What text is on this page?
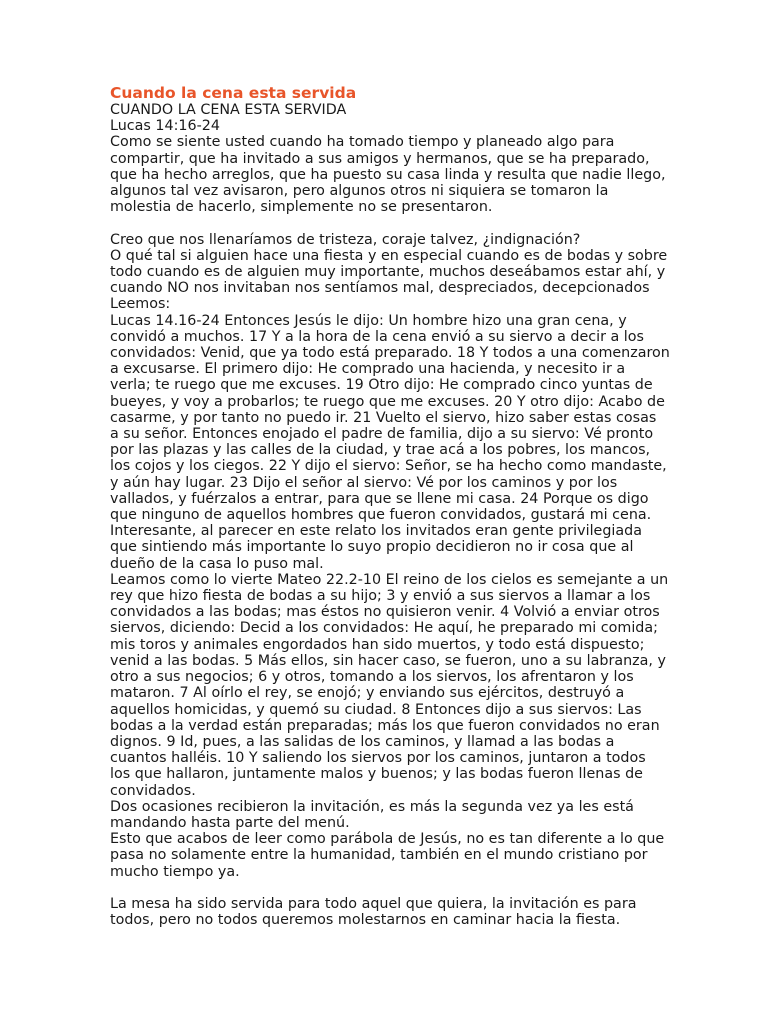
Cuando la cena esta servida
CUANDO LA CENA ESTA SERVIDA
Lucas 14:16-24
Como se siente usted cuando ha tomado tiempo y planeado algo para
compartir, que ha invitado a sus amigos y hermanos, que se ha preparado,
que ha hecho arreglos, que ha puesto su casa linda y resulta que nadie llego,
algunos tal vez avisaron, pero algunos otros ni siquiera se tomaron la
molestia de hacerlo, simplemente no se presentaron.
Creo que nos llenaríamos de tristeza, coraje talvez, ¿indignación?
O qué tal si alguien hace una fiesta y en especial cuando es de bodas y sobre
todo cuando es de alguien muy importante, muchos deseábamos estar ahí, y
cuando NO nos invitaban nos sentíamos mal, despreciados, decepcionados
Leemos:
Lucas 14.16-24 Entonces Jesús le dijo: Un hombre hizo una gran cena, y
convidó a muchos. 17 Y a la hora de la cena envió a su siervo a decir a los
convidados: Venid, que ya todo está preparado. 18 Y todos a una comenzaron
a excusarse. El primero dijo: He comprado una hacienda, y necesito ir a
verla; te ruego que me excuses. 19 Otro dijo: He comprado cinco yuntas de
bueyes, y voy a probarlos; te ruego que me excuses. 20 Y otro dijo: Acabo de
casarme, y por tanto no puedo ir. 21 Vuelto el siervo, hizo saber estas cosas
a su señor. Entonces enojado el padre de familia, dijo a su siervo: Vé pronto
por las plazas y las calles de la ciudad, y trae acá a los pobres, los mancos,
los cojos y los ciegos. 22 Y dijo el siervo: Señor, se ha hecho como mandaste,
y aún hay lugar. 23 Dijo el señor al siervo: Vé por los caminos y por los
vallados, y fuérzalos a entrar, para que se llene mi casa. 24 Porque os digo
que ninguno de aquellos hombres que fueron convidados, gustará mi cena.
Interesante, al parecer en este relato los invitados eran gente privilegiada
que sintiendo más importante lo suyo propio decidieron no ir cosa que al
dueño de la casa lo puso mal.
Leamos como lo vierte Mateo 22.2-10 El reino de los cielos es semejante a un
rey que hizo fiesta de bodas a su hijo; 3 y envió a sus siervos a llamar a los
convidados a las bodas; mas éstos no quisieron venir. 4 Volvió a enviar otros
siervos, diciendo: Decid a los convidados: He aquí, he preparado mi comida;
mis toros y animales engordados han sido muertos, y todo está dispuesto;
venid a las bodas. 5 Más ellos, sin hacer caso, se fueron, uno a su labranza, y
otro a sus negocios; 6 y otros, tomando a los siervos, los afrentaron y los
mataron. 7 Al oírlo el rey, se enojó; y enviando sus ejércitos, destruyó a
aquellos homicidas, y quemó su ciudad. 8 Entonces dijo a sus siervos: Las
bodas a la verdad están preparadas; más los que fueron convidados no eran
dignos. 9 Id, pues, a las salidas de los caminos, y llamad a las bodas a
cuantos halléis. 10 Y saliendo los siervos por los caminos, juntaron a todos
los que hallaron, juntamente malos y buenos; y las bodas fueron llenas de
convidados.
Dos ocasiones recibieron la invitación, es más la segunda vez ya les está
mandando hasta parte del menú.
Esto que acabos de leer como parábola de Jesús, no es tan diferente a lo que
pasa no solamente entre la humanidad, también en el mundo cristiano por
mucho tiempo ya.
La mesa ha sido servida para todo aquel que quiera, la invitación es para
todos, pero no todos queremos molestarnos en caminar hacia la fiesta.
